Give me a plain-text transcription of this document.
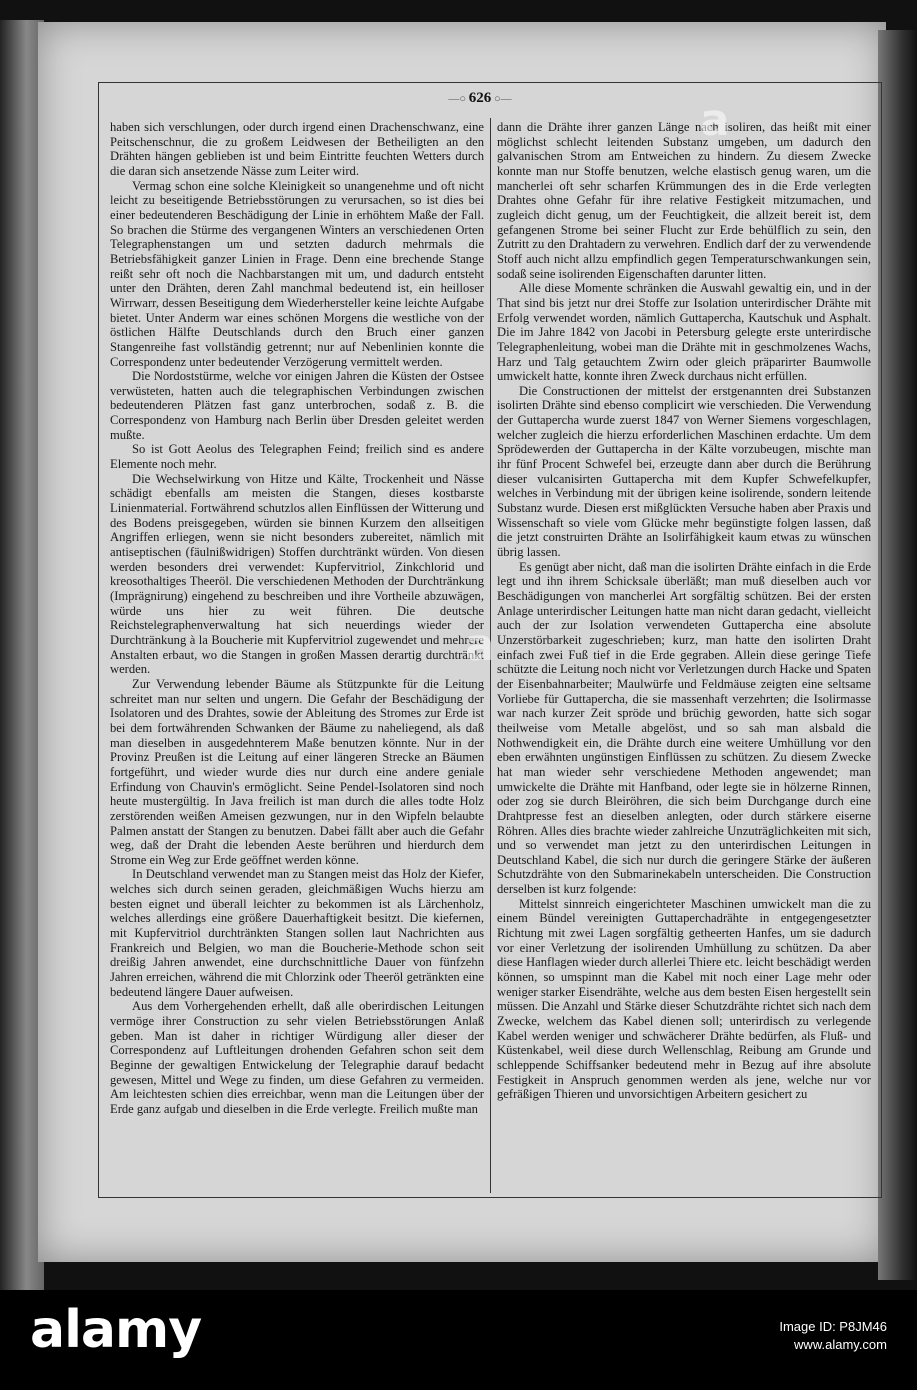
—○ 626 ○—

haben sich verschlungen, oder durch irgend einen Drachenschwanz, eine Peitschenschnur, die zu großem Leidwesen der Betheiligten an den Drähten hängen geblieben ist und beim Eintritte feuchten Wetters durch die daran sich ansetzende Nässe zum Leiter wird.

Vermag schon eine solche Kleinigkeit so unangenehme und oft nicht leicht zu beseitigende Betriebsstörungen zu verursachen, so ist dies bei einer bedeutenderen Beschädigung der Linie in erhöhtem Maße der Fall. So brachen die Stürme des vergangenen Winters an verschiedenen Orten Telegraphenstangen um und setzten dadurch mehrmals die Betriebsfähigkeit ganzer Linien in Frage. Denn eine brechende Stange reißt sehr oft noch die Nachbarstangen mit um, und dadurch entsteht unter den Drähten, deren Zahl manchmal bedeutend ist, ein heilloser Wirrwarr, dessen Beseitigung dem Wiederhersteller keine leichte Aufgabe bietet. Unter Anderm war eines schönen Morgens die westliche von der östlichen Hälfte Deutschlands durch den Bruch einer ganzen Stangenreihe fast vollständig getrennt; nur auf Nebenlinien konnte die Correspondenz unter bedeutender Verzögerung vermittelt werden.

Die Nordoststürme, welche vor einigen Jahren die Küsten der Ostsee verwüsteten, hatten auch die telegraphischen Verbindungen zwischen bedeutenderen Plätzen fast ganz unterbrochen, sodaß z. B. die Correspondenz von Hamburg nach Berlin über Dresden geleitet werden mußte.

So ist Gott Aeolus des Telegraphen Feind; freilich sind es andere Elemente noch mehr.

Die Wechselwirkung von Hitze und Kälte, Trockenheit und Nässe schädigt ebenfalls am meisten die Stangen, dieses kostbarste Linienmaterial. Fortwährend schutzlos allen Einflüssen der Witterung und des Bodens preisgegeben, würden sie binnen Kurzem den allseitigen Angriffen erliegen, wenn sie nicht besonders zubereitet, nämlich mit antiseptischen (fäulnißwidrigen) Stoffen durchtränkt würden. Von diesen werden besonders drei verwendet: Kupfervitriol, Zinkchlorid und kreosothaltiges Theeröl. Die verschiedenen Methoden der Durchtränkung (Imprägnirung) eingehend zu beschreiben und ihre Vortheile abzuwägen, würde uns hier zu weit führen. Die deutsche Reichstelegraphenverwaltung hat sich neuerdings wieder der Durchtränkung à la Boucherie mit Kupfervitriol zugewendet und mehrere Anstalten erbaut, wo die Stangen in großen Massen derartig durchtränkt werden.

Zur Verwendung lebender Bäume als Stützpunkte für die Leitung schreitet man nur selten und ungern. Die Gefahr der Beschädigung der Isolatoren und des Drahtes, sowie der Ableitung des Stromes zur Erde ist bei dem fortwährenden Schwanken der Bäume zu naheliegend, als daß man dieselben in ausgedehnterem Maße benutzen könnte. Nur in der Provinz Preußen ist die Leitung auf einer längeren Strecke an Bäumen fortgeführt, und wieder wurde dies nur durch eine andere geniale Erfindung von Chauvin's ermöglicht. Seine Pendel-Isolatoren sind noch heute mustergültig. In Java freilich ist man durch die alles todte Holz zerstörenden weißen Ameisen gezwungen, nur in den Wipfeln belaubte Palmen anstatt der Stangen zu benutzen. Dabei fällt aber auch die Gefahr weg, daß der Draht die lebenden Aeste berühren und hierdurch dem Strome ein Weg zur Erde geöffnet werden könne.

In Deutschland verwendet man zu Stangen meist das Holz der Kiefer, welches sich durch seinen geraden, gleichmäßigen Wuchs hierzu am besten eignet und überall leichter zu bekommen ist als Lärchenholz, welches allerdings eine größere Dauerhaftigkeit besitzt. Die kiefernen, mit Kupfervitriol durchtränkten Stangen sollen laut Nachrichten aus Frankreich und Belgien, wo man die Boucherie-Methode schon seit dreißig Jahren anwendet, eine durchschnittliche Dauer von fünfzehn Jahren erreichen, während die mit Chlorzink oder Theeröl getränkten eine bedeutend längere Dauer aufweisen.

Aus dem Vorhergehenden erhellt, daß alle oberirdischen Leitungen vermöge ihrer Construction zu sehr vielen Betriebsstörungen Anlaß geben. Man ist daher in richtiger Würdigung aller dieser der Correspondenz auf Luftleitungen drohenden Gefahren schon seit dem Beginne der gewaltigen Entwickelung der Telegraphie darauf bedacht gewesen, Mittel und Wege zu finden, um diese Gefahren zu vermeiden. Am leichtesten schien dies erreichbar, wenn man die Leitungen über der Erde ganz aufgab und dieselben in die Erde verlegte. Freilich mußte man

dann die Drähte ihrer ganzen Länge nach isoliren, das heißt mit einer möglichst schlecht leitenden Substanz umgeben, um dadurch den galvanischen Strom am Entweichen zu hindern. Zu diesem Zwecke konnte man nur Stoffe benutzen, welche elastisch genug waren, um die mancherlei oft sehr scharfen Krümmungen des in die Erde verlegten Drahtes ohne Gefahr für ihre relative Festigkeit mitzumachen, und zugleich dicht genug, um der Feuchtigkeit, die allzeit bereit ist, dem gefangenen Strome bei seiner Flucht zur Erde behülflich zu sein, den Zutritt zu den Drahtadern zu verwehren. Endlich darf der zu verwendende Stoff auch nicht allzu empfindlich gegen Temperaturschwankungen sein, sodaß seine isolirenden Eigenschaften darunter litten.

Alle diese Momente schränken die Auswahl gewaltig ein, und in der That sind bis jetzt nur drei Stoffe zur Isolation unterirdischer Drähte mit Erfolg verwendet worden, nämlich Guttapercha, Kautschuk und Asphalt. Die im Jahre 1842 von Jacobi in Petersburg gelegte erste unterirdische Telegraphenleitung, wobei man die Drähte mit in geschmolzenes Wachs, Harz und Talg getauchtem Zwirn oder gleich präparirter Baumwolle umwickelt hatte, konnte ihren Zweck durchaus nicht erfüllen.

Die Constructionen der mittelst der erstgenannten drei Substanzen isolirten Drähte sind ebenso complicirt wie verschieden. Die Verwendung der Guttapercha wurde zuerst 1847 von Werner Siemens vorgeschlagen, welcher zugleich die hierzu erforderlichen Maschinen erdachte. Um dem Sprödewerden der Guttapercha in der Kälte vorzubeugen, mischte man ihr fünf Procent Schwefel bei, erzeugte dann aber durch die Berührung dieser vulcanisirten Guttapercha mit dem Kupfer Schwefelkupfer, welches in Verbindung mit der übrigen keine isolirende, sondern leitende Substanz wurde. Diesen erst mißglückten Versuche haben aber Praxis und Wissenschaft so viele vom Glücke mehr begünstigte folgen lassen, daß die jetzt construirten Drähte an Isolirfähigkeit kaum etwas zu wünschen übrig lassen.

Es genügt aber nicht, daß man die isolirten Drähte einfach in die Erde legt und ihn ihrem Schicksale überläßt; man muß dieselben auch vor Beschädigungen von mancherlei Art sorgfältig schützen. Bei der ersten Anlage unterirdischer Leitungen hatte man nicht daran gedacht, vielleicht auch der zur Isolation verwendeten Guttapercha eine absolute Unzerstörbarkeit zugeschrieben; kurz, man hatte den isolirten Draht einfach zwei Fuß tief in die Erde gegraben. Allein diese geringe Tiefe schützte die Leitung noch nicht vor Verletzungen durch Hacke und Spaten der Eisenbahnarbeiter; Maulwürfe und Feldmäuse zeigten eine seltsame Vorliebe für Guttapercha, die sie massenhaft verzehrten; die Isolirmasse war nach kurzer Zeit spröde und brüchig geworden, hatte sich sogar theilweise vom Metalle abgelöst, und so sah man alsbald die Nothwendigkeit ein, die Drähte durch eine weitere Umhüllung vor den eben erwähnten ungünstigen Einflüssen zu schützen. Zu diesem Zwecke hat man wieder sehr verschiedene Methoden angewendet; man umwickelte die Drähte mit Hanfband, oder legte sie in hölzerne Rinnen, oder zog sie durch Bleiröhren, die sich beim Durchgange durch eine Drahtpresse fest an dieselben anlegten, oder durch stärkere eiserne Röhren. Alles dies brachte wieder zahlreiche Unzuträglichkeiten mit sich, und so verwendet man jetzt zu den unterirdischen Leitungen in Deutschland Kabel, die sich nur durch die geringere Stärke der äußeren Schutzdrähte von den Submarinekabeln unterscheiden. Die Construction derselben ist kurz folgende:

Mittelst sinnreich eingerichteter Maschinen umwickelt man die zu einem Bündel vereinigten Guttaperchadrähte in entgegengesetzter Richtung mit zwei Lagen sorgfältig getheerten Hanfes, um sie dadurch vor einer Verletzung der isolirenden Umhüllung zu schützen. Da aber diese Hanflagen wieder durch allerlei Thiere etc. leicht beschädigt werden können, so umspinnt man die Kabel mit noch einer Lage mehr oder weniger starker Eisendrähte, welche aus dem besten Eisen hergestellt sein müssen. Die Anzahl und Stärke dieser Schutzdrähte richtet sich nach dem Zwecke, welchem das Kabel dienen soll; unterirdisch zu verlegende Kabel werden weniger und schwächerer Drähte bedürfen, als Fluß- und Küstenkabel, weil diese durch Wellenschlag, Reibung am Grunde und schleppende Schiffsanker bedeutend mehr in Bezug auf ihre absolute Festigkeit in Anspruch genommen werden als jene, welche nur vor gefräßigen Thieren und unvorsichtigen Arbeitern gesichert zu

a
a
alamy	Image ID: P8JM46
www.alamy.com
